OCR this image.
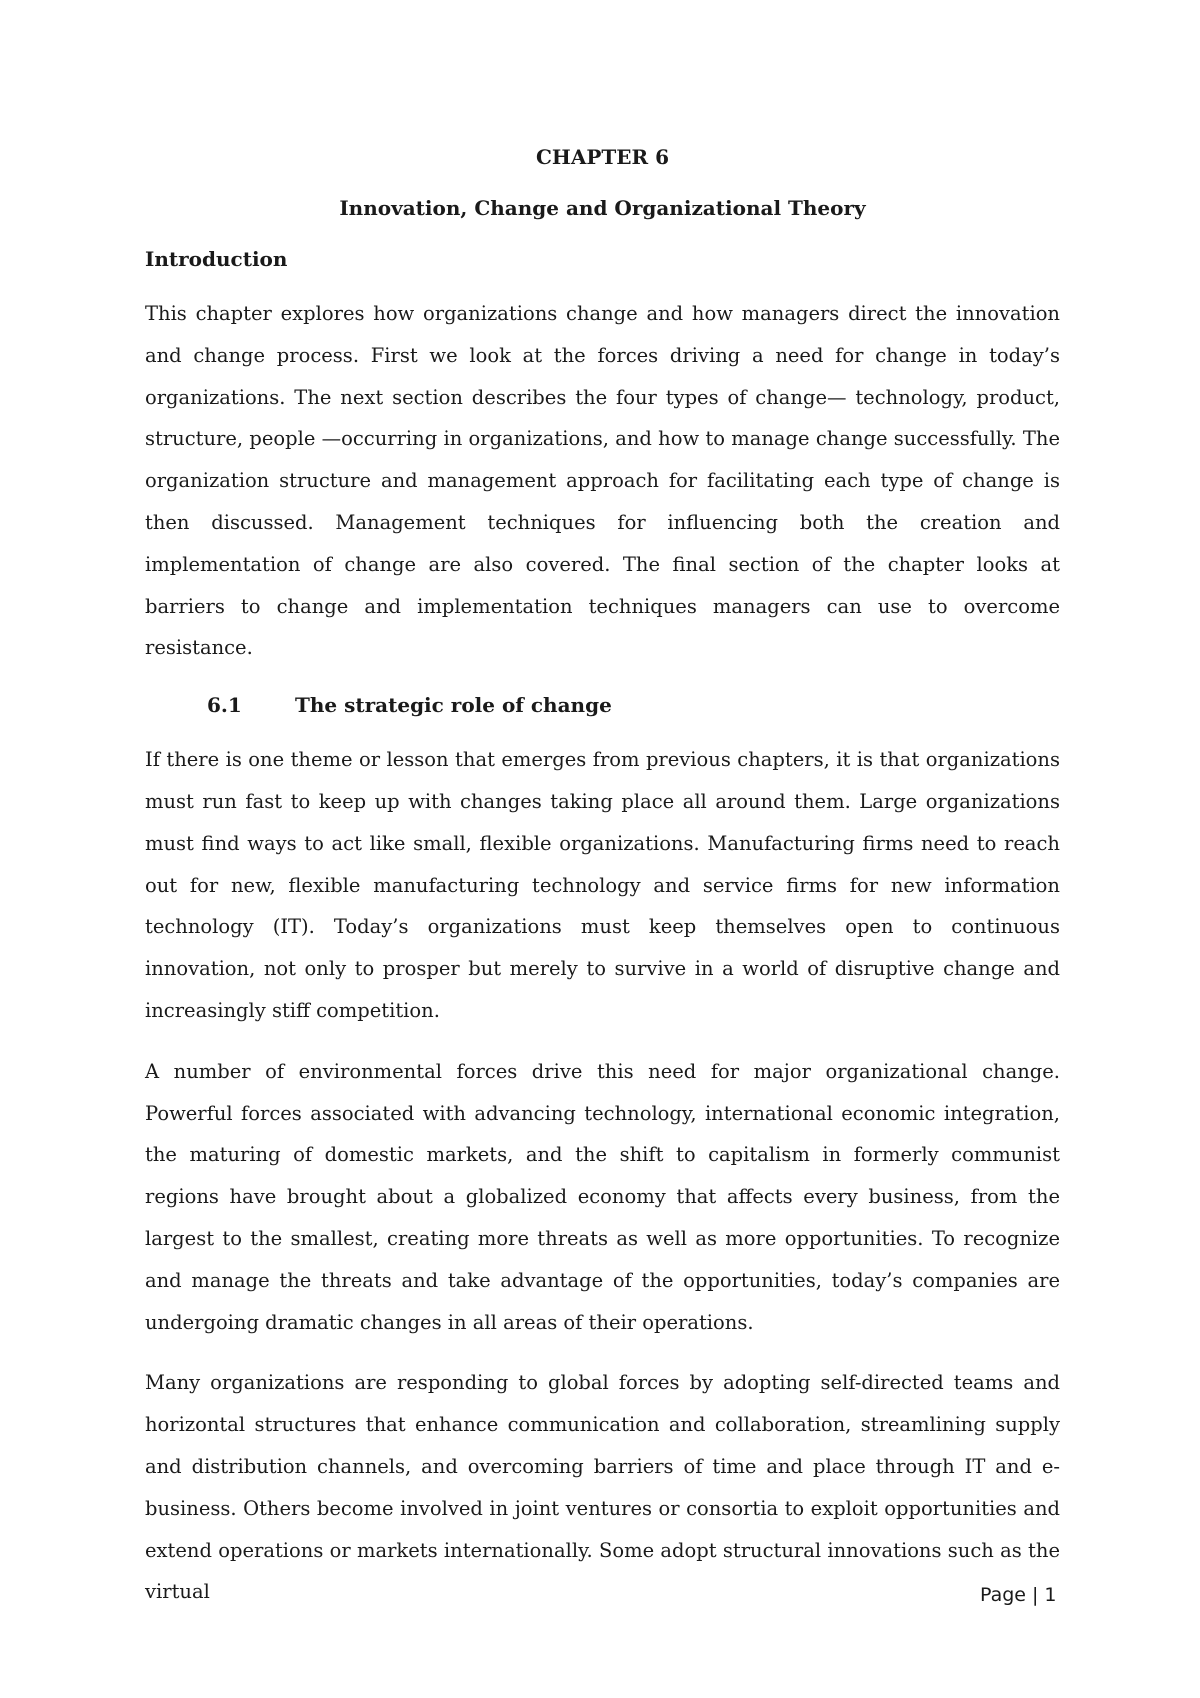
CHAPTER 6
Innovation, Change and Organizational Theory
Introduction

This chapter explores how organizations change and how managers direct the innovation and change process. First we look at the forces driving a need for change in today’s organizations. The next section describes the four types of change— technology, product, structure, people —occurring in organizations, and how to manage change successfully. The organization structure and management approach for facilitating each type of change is then discussed. Management techniques for influencing both the creation and implementation of change are also covered. The final section of the chapter looks at barriers to change and implementation techniques managers can use to overcome resistance.

6.1	The strategic role of change

If there is one theme or lesson that emerges from previous chapters, it is that organizations must run fast to keep up with changes taking place all around them. Large organizations must find ways to act like small, flexible organizations. Manufacturing firms need to reach out for new, flexible manufacturing technology and service firms for new information technology (IT). Today’s organizations must keep themselves open to continuous innovation, not only to prosper but merely to survive in a world of disruptive change and increasingly stiff competition.

A number of environmental forces drive this need for major organizational change. Powerful forces associated with advancing technology, international economic integration, the maturing of domestic markets, and the shift to capitalism in formerly communist regions have brought about a globalized economy that affects every business, from the largest to the smallest, creating more threats as well as more opportunities. To recognize and manage the threats and take advantage of the opportunities, today’s companies are undergoing dramatic changes in all areas of their operations.

Many organizations are responding to global forces by adopting self-directed teams and horizontal structures that enhance communication and collaboration, streamlining supply and distribution channels, and overcoming barriers of time and place through IT and e-business. Others become involved in joint ventures or consortia to exploit opportunities and extend operations or markets internationally. Some adopt structural innovations such as the virtual	Page | 1
